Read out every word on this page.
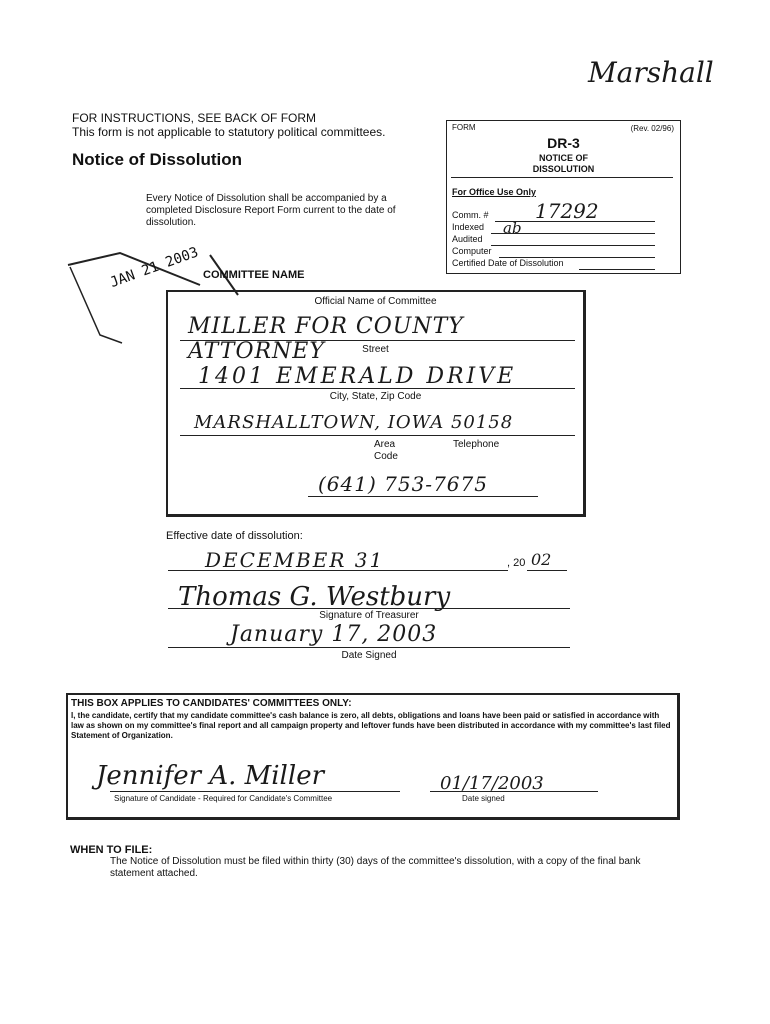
Marshall
FOR INSTRUCTIONS, SEE BACK OF FORM
This form is not applicable to statutory political committees.
Notice of Dissolution
Every Notice of Dissolution shall be accompanied by a completed Disclosure Report Form current to the date of dissolution.
JAN 21 2003
FORM	(Rev. 02/96)
DR-3
NOTICE OF
DISSOLUTION
For Office Use Only
Comm. # 17292
Indexed ab
Audited
Computer
Certified Date of Dissolution
COMMITTEE NAME
Official Name of Committee
MILLER FOR COUNTY ATTORNEY	Street
1401 EMERALD DRIVE
City, State, Zip Code
MARSHALLTOWN, IOWA 50158
Area
Code
Telephone
(641) 753-7675
Effective date of dissolution:
DECEMBER 31	, 20 02
Thomas G. Westbury
Signature of Treasurer
January 17, 2003
Date Signed
THIS BOX APPLIES TO CANDIDATES' COMMITTEES ONLY:
I, the candidate, certify that my candidate committee's cash balance is zero, all debts, obligations and loans have been paid or satisfied in accordance with law as shown on my committee's final report and all campaign property and leftover funds have been distributed in accordance with my committee's last filed Statement of Organization.
Jennifer A. Miller
Signature of Candidate - Required for Candidate's Committee
01/17/2003
Date signed
WHEN TO FILE:
The Notice of Dissolution must be filed within thirty (30) days of the committee's dissolution, with a copy of the final bank statement attached.
